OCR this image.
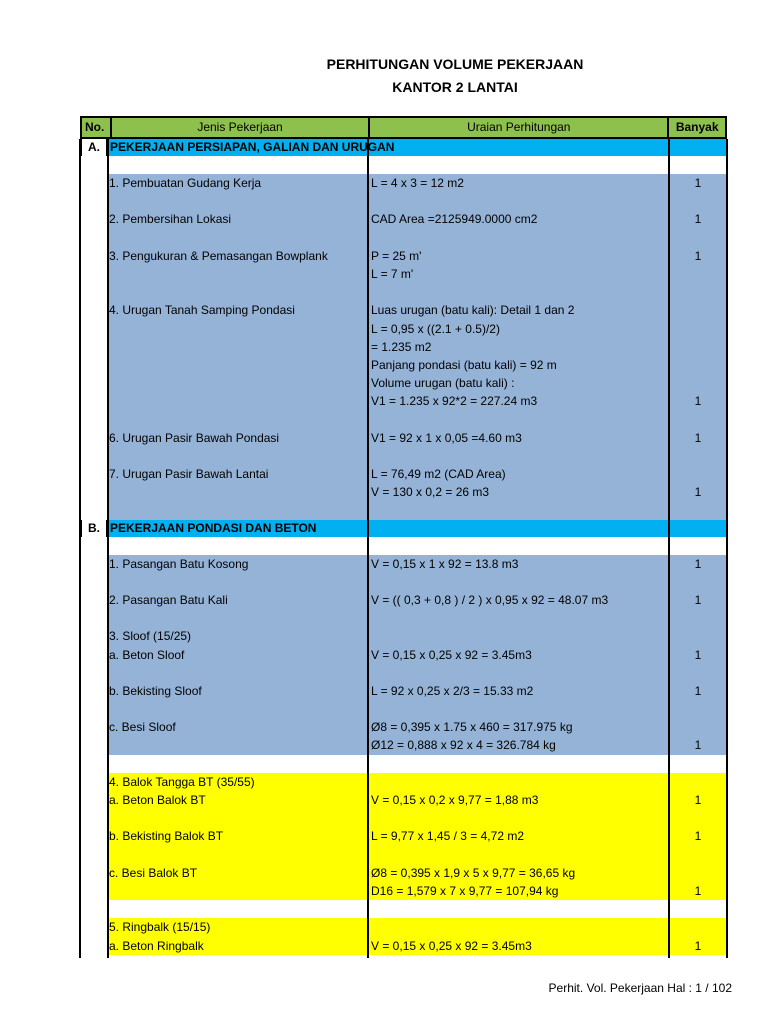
PERHITUNGAN VOLUME PEKERJAAN
KANTOR 2 LANTAI
No.	Jenis Pekerjaan	Uraian Perhitungan	Banyak
A. PEKERJAAN PERSIAPAN, GALIAN DAN URUGAN
1. Pembuatan Gudang Kerja	L = 4 x 3 = 12 m2	1
2. Pembersihan Lokasi	CAD Area =2125949.0000 cm2	1
3. Pengukuran & Pemasangan Bowplank	P = 25 m'	1
L = 7 m'
4. Urugan Tanah Samping Pondasi	Luas urugan (batu kali): Detail 1 dan 2
L = 0,95 x ((2.1 + 0.5)/2)
= 1.235 m2
Panjang pondasi (batu kali) = 92 m
Volume urugan (batu kali) :
V1 = 1.235 x 92*2 = 227.24 m3	1
6. Urugan Pasir Bawah Pondasi	V1 = 92 x 1 x 0,05 =4.60 m3	1
7. Urugan Pasir Bawah Lantai	L = 76,49 m2 (CAD Area)
V = 130 x 0,2 = 26 m3	1
B. PEKERJAAN PONDASI DAN BETON
1. Pasangan Batu Kosong	V = 0,15 x 1 x 92 = 13.8 m3	1
2. Pasangan Batu Kali	V = (( 0,3 + 0,8 ) / 2 ) x 0,95 x 92 = 48.07 m3	1
3. Sloof (15/25)
a. Beton Sloof	V = 0,15 x 0,25 x 92 = 3.45m3	1
b. Bekisting Sloof	L = 92 x 0,25 x 2/3 = 15.33 m2	1
c. Besi Sloof	Ø8 = 0,395 x 1.75 x 460 = 317.975 kg
Ø12 = 0,888 x 92 x 4 = 326.784 kg	1
4. Balok Tangga BT (35/55)
a. Beton Balok BT	V = 0,15 x 0,2 x 9,77 = 1,88 m3	1
b. Bekisting Balok BT	L = 9,77 x 1,45 / 3 = 4,72 m2	1
c. Besi Balok BT	Ø8 = 0,395 x 1,9 x 5 x 9,77 = 36,65 kg
D16 = 1,579 x 7 x 9,77 = 107,94 kg	1
5. Ringbalk (15/15)
a. Beton Ringbalk	V = 0,15 x 0,25 x 92 = 3.45m3	1
Perhit. Vol. Pekerjaan Hal : 1 / 102
